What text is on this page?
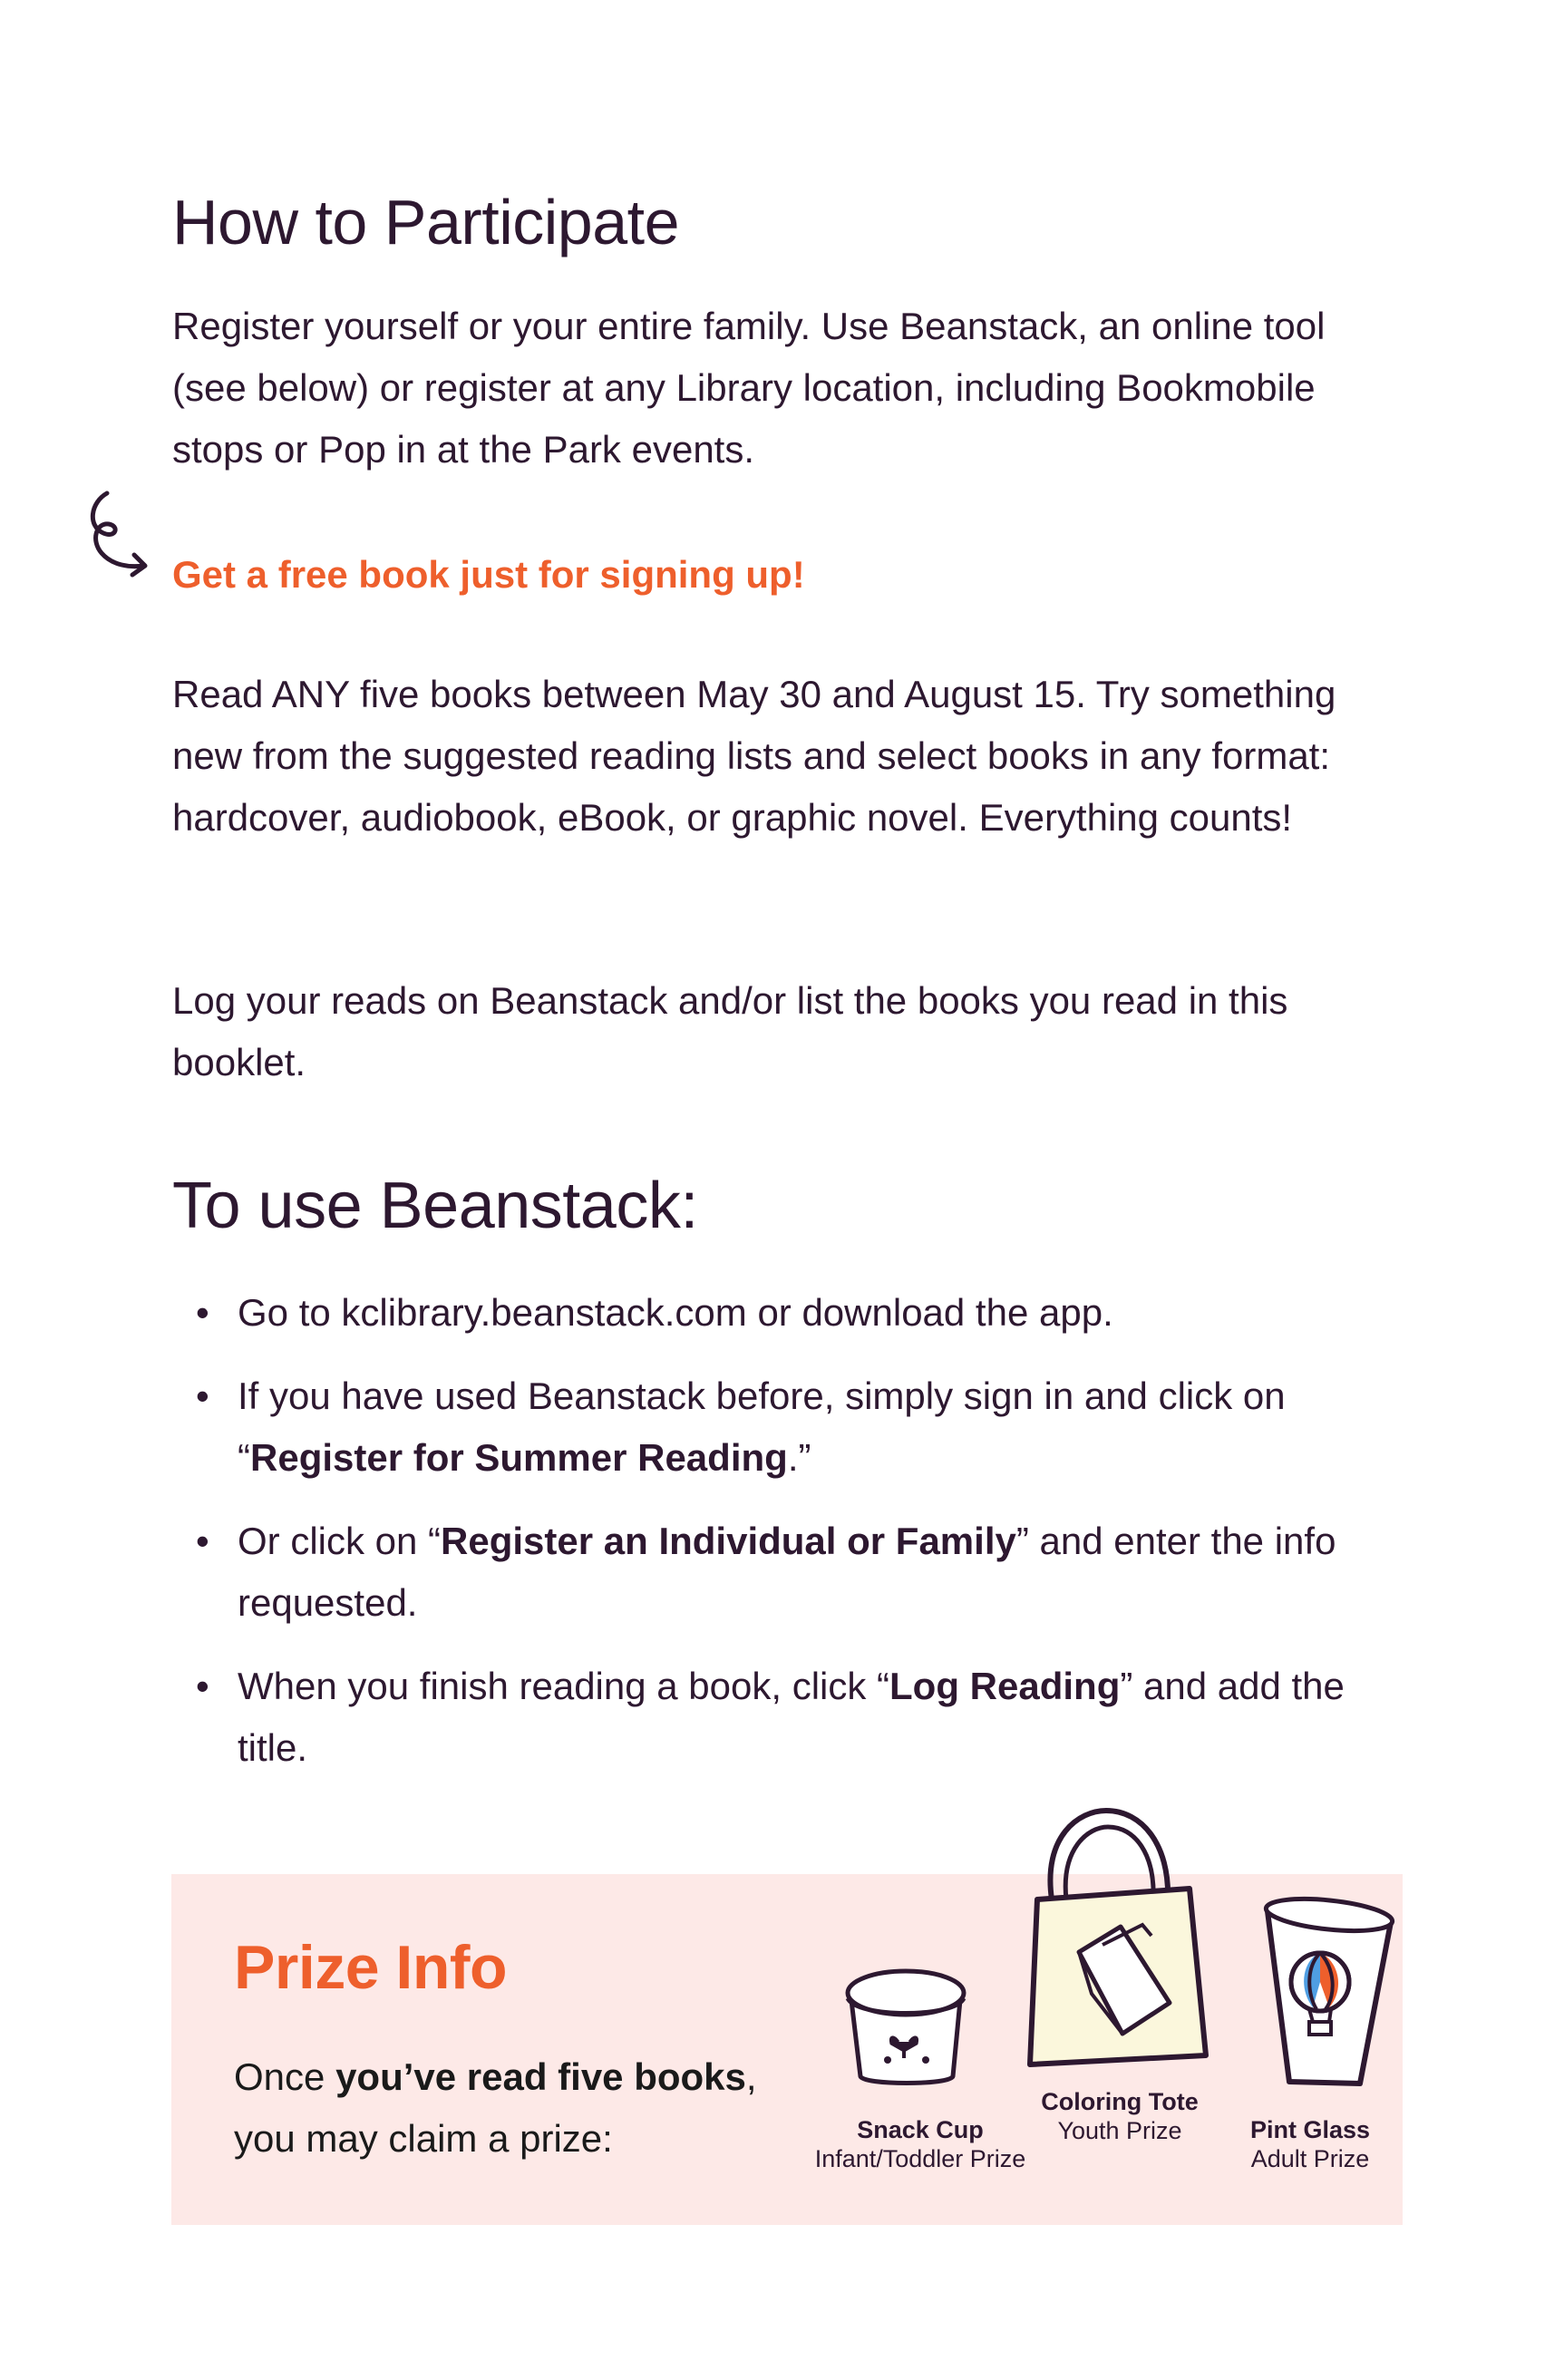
How to Participate

Register yourself or your entire family. Use Beanstack, an online tool (see below) or register at any Library location, including Bookmobile stops or Pop in at the Park events.

Get a free book just for signing up!

Read ANY five books between May 30 and August 15. Try something new from the suggested reading lists and select books in any format: hardcover, audiobook, eBook, or graphic novel. Everything counts!

Log your reads on Beanstack and/or list the books you read in this booklet.

To use Beanstack:
• Go to kclibrary.beanstack.com or download the app.
• If you have used Beanstack before, simply sign in and click on “Register for Summer Reading.”
• Or click on “Register an Individual or Family” and enter the info requested.
• When you finish reading a book, click “Log Reading” and add the title.
Prize Info

Once you’ve read five books, you may claim a prize:	Snack Cup
Infant/Toddler Prize
Coloring Tote
Youth Prize	Pint Glass
Adult Prize
